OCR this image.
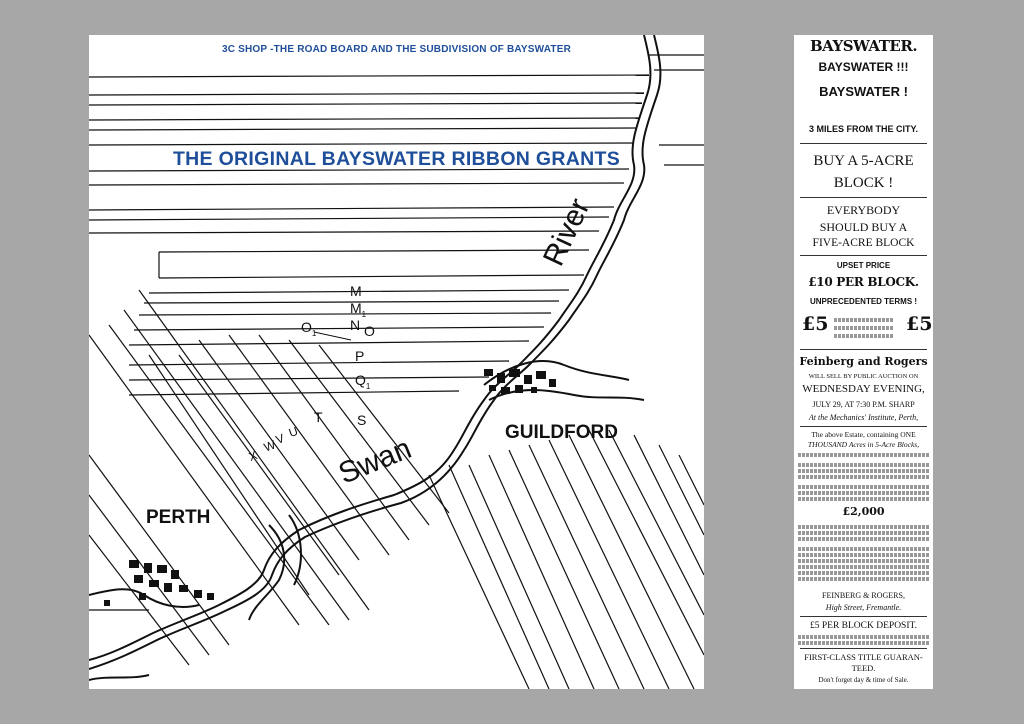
3C SHOP -THE ROAD BOARD AND THE SUBDIVISION OF BAYSWATER
THE ORIGINAL BAYSWATER RIBBON GRANTS
River
Swan	GUILDFORD
PERTH
M
$M_1$
N O
$O_1$
P
$Q_1$
S
T
U
V
W
X
BAYSWATER.
BAYSWATER !!!
BAYSWATER !
3 MILES FROM THE CITY.
BUY A 5-ACRE
BLOCK !
EVERYBODY
SHOULD BUY A
FIVE-ACRE BLOCK
UPSET PRICE
£10 PER BLOCK.
UNPRECEDENTED TERMS !
£5	£5
Feinberg and Rogers
WILL SELL BY PUBLIC AUCTION ON
WEDNESDAY EVENING,
JULY 29, AT 7:30 P.M. SHARP
At the Mechanics' Institute, Perth,
The above Estate, containing ONE
THOUSAND Acres in 5-Acre Blocks,
£2,000
FEINBERG & ROGERS,
High Street, Fremantle.
£5 PER BLOCK DEPOSIT.
FIRST-CLASS TITLE GUARAN-
TEED.
Don't forget day & time of Sale.
